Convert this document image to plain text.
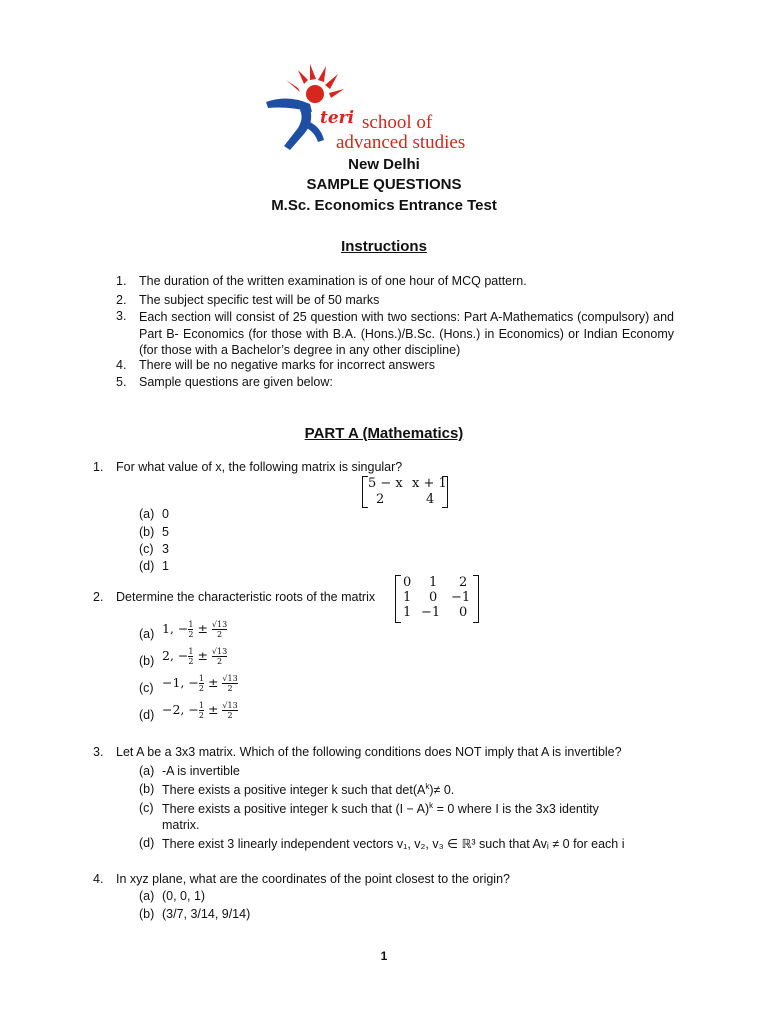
teri school of
advanced studies
New Delhi
SAMPLE QUESTIONS
M.Sc. Economics Entrance Test
Instructions
1. The duration of the written examination is of one hour of MCQ pattern.
2. The subject specific test will be of 50 marks
3. Each section will consist of 25 question with two sections: Part A-Mathematics (compulsory) and Part B- Economics (for those with B.A. (Hons.)/B.Sc. (Hons.) in Economics) or Indian Economy (for those with a Bachelor’s degree in any other discipline)
4. There will be no negative marks for incorrect answers
5. Sample questions are given below:
PART A (Mathematics)
1. For what value of x, the following matrix is singular?
5 − x x + 1
2	4
(a) 0
(b) 5
(c) 3
(d) 1
2. Determine the characteristic roots of the matrix
0 1 2
1 0 −1
1 −1 0
(a) 1, − $\frac{1}{2} \pm \frac{√13}{2}$
(b) 2, − $\frac{1}{2} \pm \frac{√13}{2}$
(c) −1, − $\frac{1}{2} \pm \frac{√13}{2}$
(d) −2, − $\frac{1}{2} \pm \frac{√13}{2}$
3. Let A be a 3x3 matrix. Which of the following conditions does NOT imply that A is invertible?
(a) -A is invertible
(b) There exists a positive integer k such that $\det(A^k)\ne 0$.
(c) There exists a positive integer k such that $(I - A)^k = 0$ where I is the 3x3 identity
matrix.
(d) There exist 3 linearly independent vectors v₁, v₂, v₃ ∈ ℝ³ such that Avᵢ ≠ 0 for each i
4. In xyz plane, what are the coordinates of the point closest to the origin?
(a) (0, 0, 1)
(b) (3/7, 3/14, 9/14)
1
